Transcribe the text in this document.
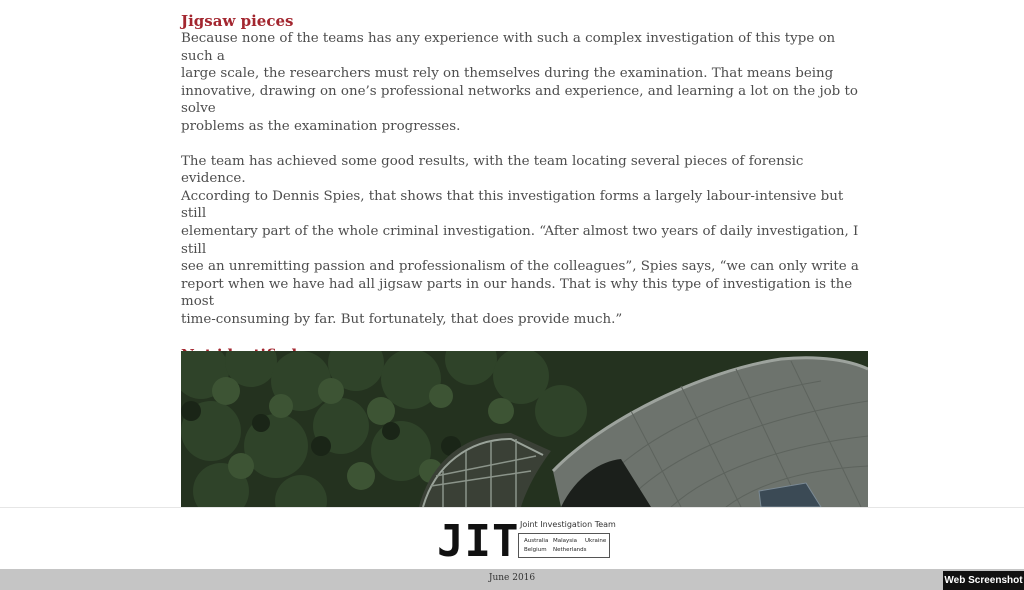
Jigsaw pieces

Because none of the teams has any experience with such a complex investigation of this type on such a

large scale, the researchers must rely on themselves during the examination. That means being

innovative, drawing on one’s professional networks and experience, and learning a lot on the job to solve

problems as the examination progresses.

The team has achieved some good results, with the team locating several pieces of forensic evidence.

According to Dennis Spies, that shows that this investigation forms a largely labour-intensive but still

elementary part of the whole criminal investigation. “After almost two years of daily investigation, I still

see an unremitting passion and professionalism of the colleagues”, Spies says, “we can only write a

report when we have had all jigsaw parts in our hands. That is why this type of investigation is the most

time-consuming by far. But fortunately, that does provide much.”

JIT Joint Investigation Team
Australia Malaysia Ukraine
Belgium Netherlands
June 2016	Web Screenshot
